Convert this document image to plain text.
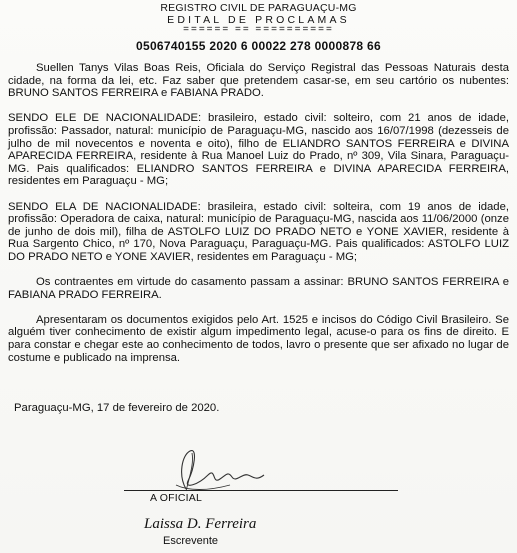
REGISTRO CIVIL DE PARAGUAÇU-MG
EDITAL DE PROCLAMAS
====== == ==========
0506740155 2020 6 00022 278 0000878 66

Suellen Tanys Vilas Boas Reis, Oficiala do Serviço Registral das Pessoas Naturais desta cidade, na forma da lei, etc. Faz saber que pretendem casar-se, em seu cartório os nubentes: BRUNO SANTOS FERREIRA e FABIANA PRADO.

SENDO ELE DE NACIONALIDADE: brasileiro, estado civil: solteiro, com 21 anos de idade, profissão: Passador, natural: município de Paraguaçu-MG, nascido aos 16/07/1998 (dezesseis de julho de mil novecentos e noventa e oito), filho de ELIANDRO SANTOS FERREIRA e DIVINA APARECIDA FERREIRA, residente à Rua Manoel Luiz do Prado, nº 309, Vila Sinara, Paraguaçu-MG. Pais qualificados: ELIANDRO SANTOS FERREIRA e DIVINA APARECIDA FERREIRA, residentes em Paraguaçu - MG;

SENDO ELA DE NACIONALIDADE: brasileira, estado civil: solteira, com 19 anos de idade, profissão: Operadora de caixa, natural: município de Paraguaçu-MG, nascida aos 11/06/2000 (onze de junho de dois mil), filha de ASTOLFO LUIZ DO PRADO NETO e YONE XAVIER, residente à Rua Sargento Chico, nº 170, Nova Paraguaçu, Paraguaçu-MG. Pais qualificados: ASTOLFO LUIZ DO PRADO NETO e YONE XAVIER, residentes em Paraguaçu - MG;

Os contraentes em virtude do casamento passam a assinar: BRUNO SANTOS FERREIRA e FABIANA PRADO FERREIRA.

Apresentaram os documentos exigidos pelo Art. 1525 e incisos do Código Civil Brasileiro. Se alguém tiver conhecimento de existir algum impedimento legal, acuse-o para os fins de direito. E para constar e chegar este ao conhecimento de todos, lavro o presente que ser afixado no lugar de costume e publicado na imprensa.

Paraguaçu-MG, 17 de fevereiro de 2020.
A OFICIAL
Laissa D. Ferreira
Escrevente
